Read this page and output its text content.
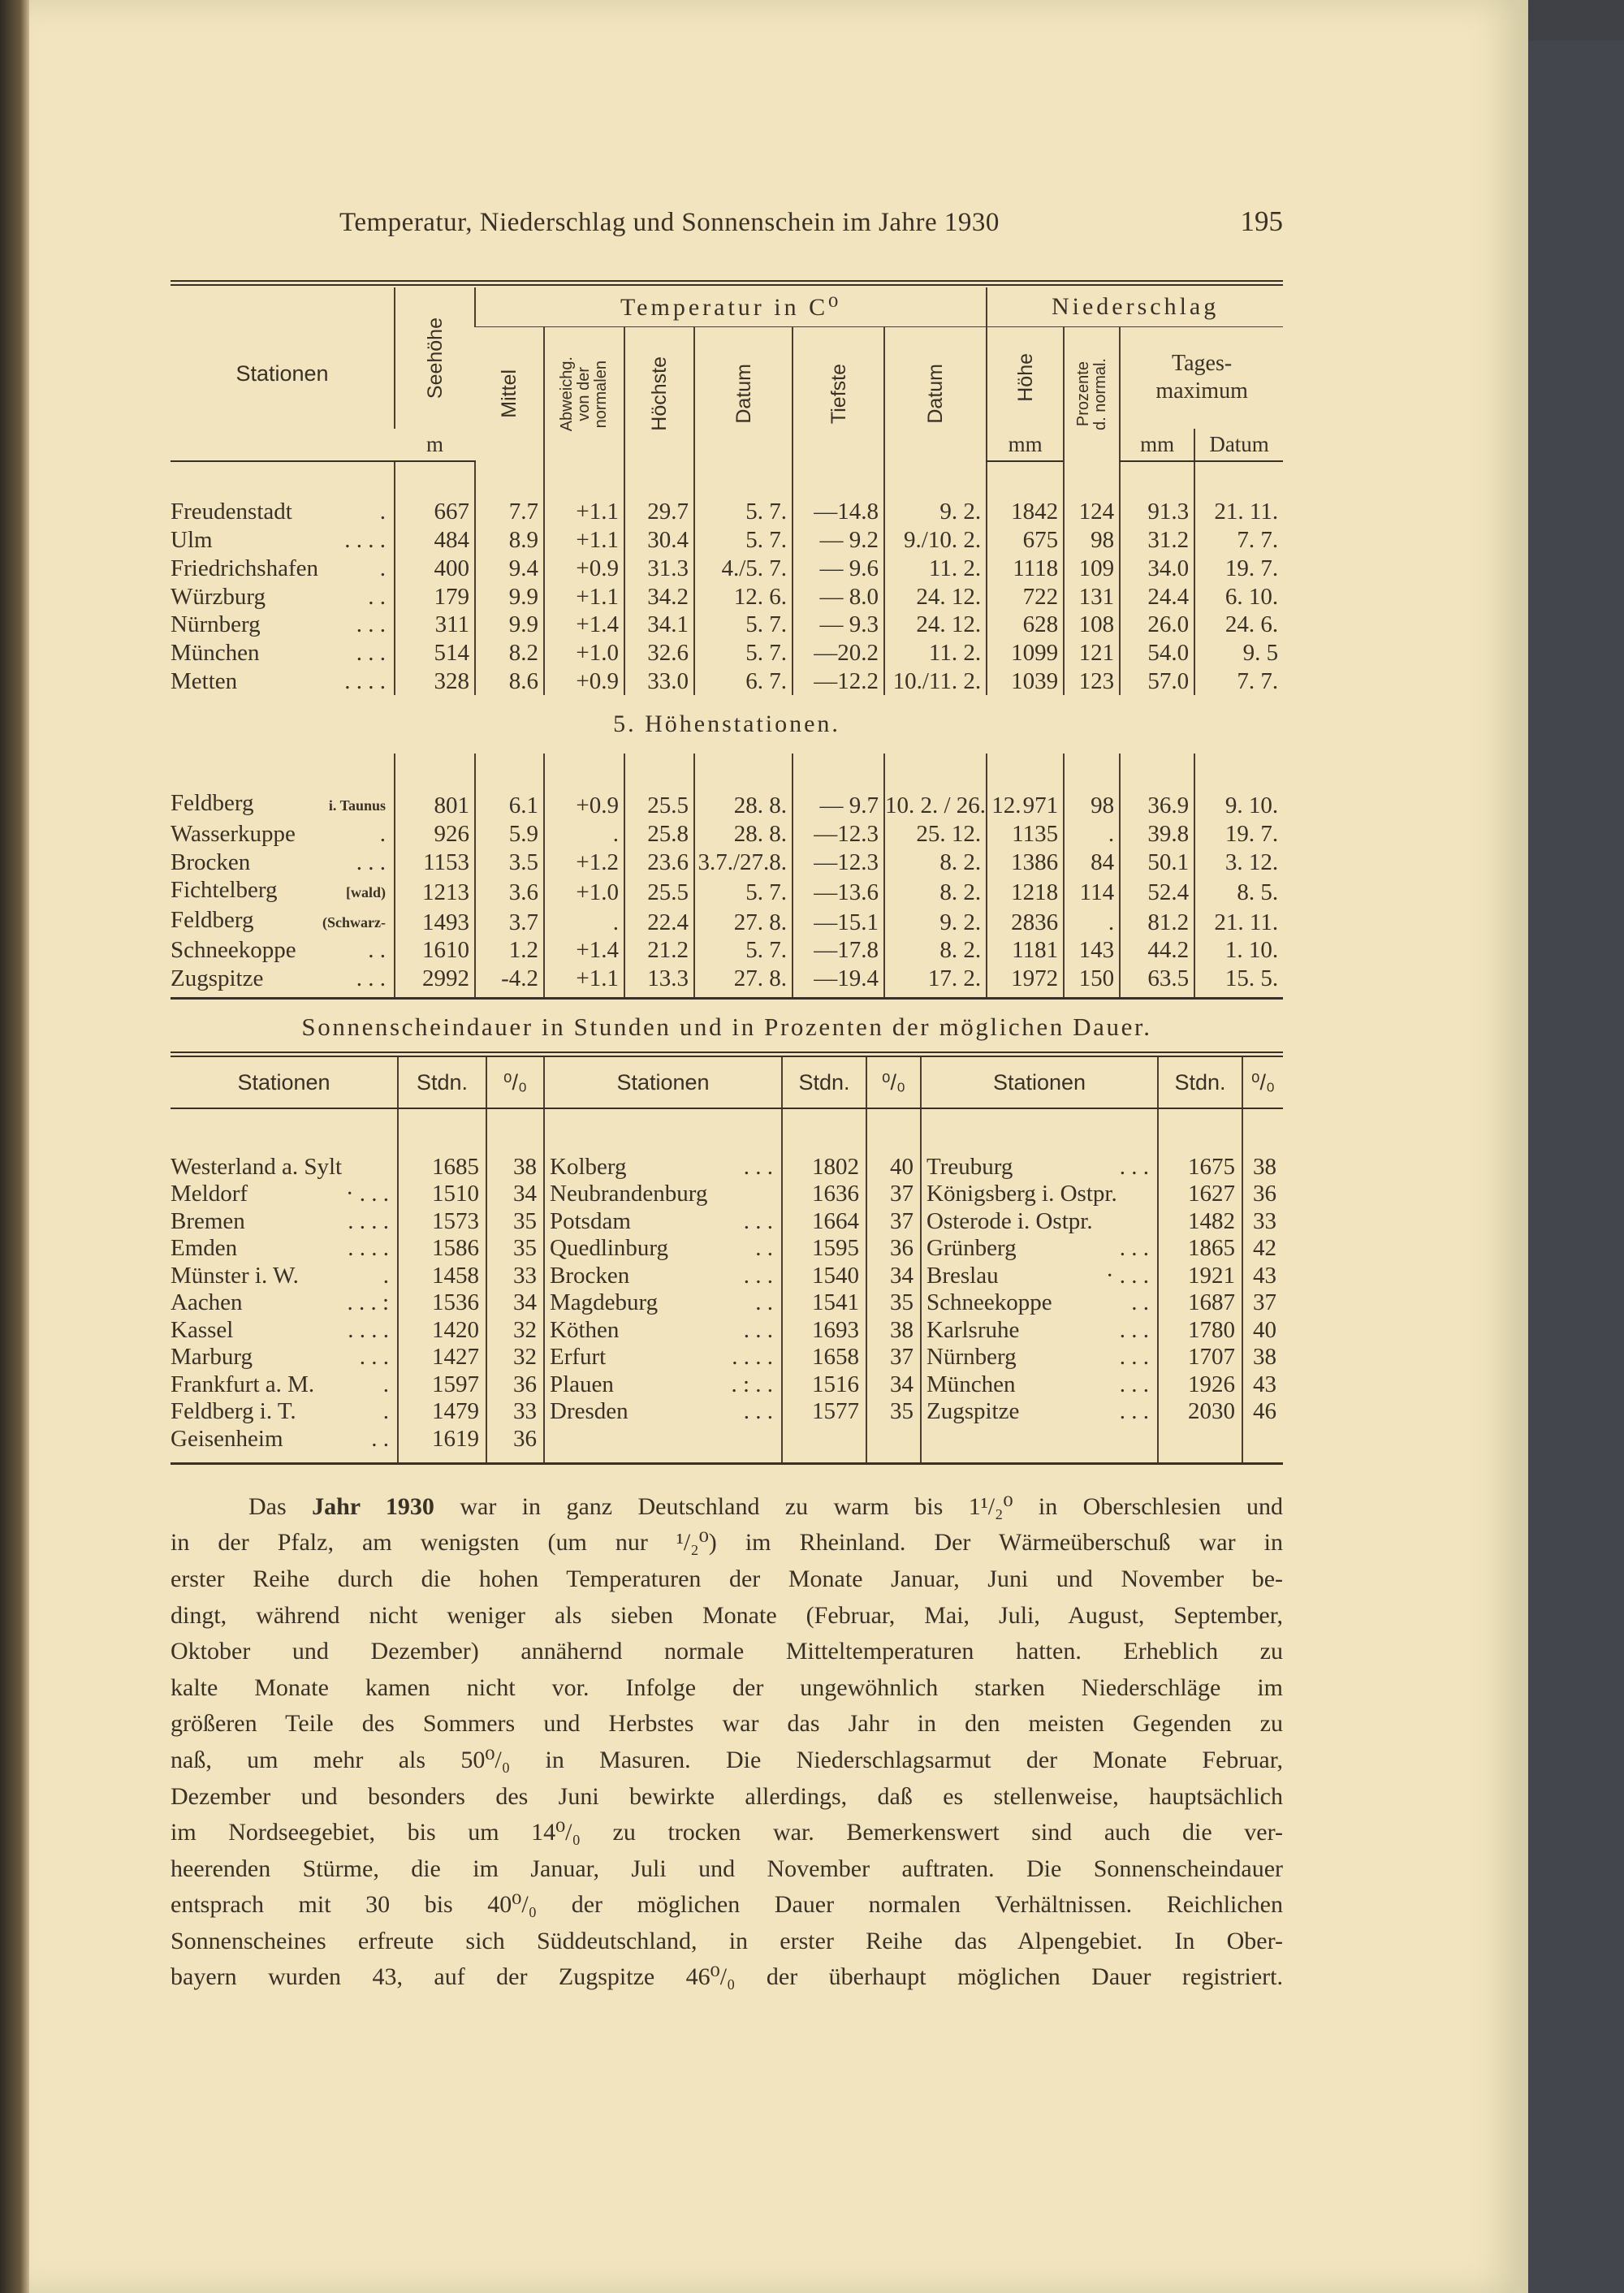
Temperatur, Niederschlag und Sonnenschein im Jahre 1930	195
Stationen	Seehöhe	Temperatur in C⁰						Niederschlag			
		Mittel	Abweichg.von dernormalen	Höchste	Datum	Tiefste	Datum	Höhe	Prozented. normal.	Tages-maximum	
	m							mm		mm	Datum

Freudenstadt .	667	7.7	+1.1	29.7	5. 7.	—14.8	9. 2.	1842	124	91.3	21. 11.

Ulm . . . .	484	8.9	+1.1	30.4	5. 7.	— 9.2	9./10. 2.	675	98	31.2	7. 7.

Friedrichshafen .	400	9.4	+0.9	31.3	4./5. 7.	— 9.6	11. 2.	1118	109	34.0	19. 7.

Würzburg . .	179	9.9	+1.1	34.2	12. 6.	— 8.0	24. 12.	722	131	24.4	6. 10.

Nürnberg . . .	311	9.9	+1.4	34.1	5. 7.	— 9.3	24. 12.	628	108	26.0	24. 6.

München . . .	514	8.2	+1.0	32.6	5. 7.	—20.2	11. 2.	1099	121	54.0	9. 5

Metten . . . .	328	8.6	+0.9	33.0	6. 7.	—12.2	10./11. 2.	1039	123	57.0	7. 7.
5. Höhenstationen.											

Feldberg i. Taunus	801	6.1	+0.9	25.5	28. 8.	— 9.7	10. 2. / 26. 12.	971	98	36.9	9. 10.

Wasserkuppe .	926	5.9	.	25.8	28. 8.	—12.3	25. 12.	1135	.	39.8	19. 7.

Brocken . . .	1153	3.5	+1.2	23.6	3.7./27.8.	—12.3	8. 2.	1386	84	50.1	3. 12.

Fichtelberg [wald)	1213	3.6	+1.0	25.5	5. 7.	—13.6	8. 2.	1218	114	52.4	8. 5.

Feldberg (Schwarz-	1493	3.7	.	22.4	27. 8.	—15.1	9. 2.	2836	.	81.2	21. 11.

Schneekoppe . .	1610	1.2	+1.4	21.2	5. 7.	—17.8	8. 2.	1181	143	44.2	1. 10.

Zugspitze . . .	2992	-4.2	+1.1	13.3	27. 8.	—19.4	17. 2.	1972	150	63.5	15. 5.
Sonnenscheindauer in Stunden und in Prozenten der möglichen Dauer.
Stationen	Stdn.	⁰/₀	Stationen	Stdn.	⁰/₀	Stationen	Stdn.	⁰/₀

Westerland a. Sylt	1685	38	Kolberg . . .	1802	40	Treuburg . . .	1675	38

Meldorf · . . .	1510	34	Neubrandenburg	1636	37	Königsberg i. Ostpr.	1627	36

Bremen . . . .	1573	35	Potsdam . . .	1664	37	Osterode i. Ostpr.	1482	33

Emden . . . .	1586	35	Quedlinburg . .	1595	36	Grünberg . . .	1865	42

Münster i. W. .	1458	33	Brocken . . .	1540	34	Breslau · . . .	1921	43

Aachen . . . :	1536	34	Magdeburg . .	1541	35	Schneekoppe . .	1687	37

Kassel . . . .	1420	32	Köthen . . .	1693	38	Karlsruhe . . .	1780	40

Marburg . . .	1427	32	Erfurt . . . .	1658	37	Nürnberg . . .	1707	38

Frankfurt a. M. .	1597	36	Plauen . : . .	1516	34	München . . .	1926	43

Feldberg i. T. .	1479	33	Dresden . . .	1577	35	Zugspitze . . .	2030	46

Geisenheim . .	1619	36	

Das Jahr 1930 war in ganz Deutschland zu warm bis 1¹/₂⁰ in Oberschlesien und
in der Pfalz, am wenigsten (um nur ¹/₂⁰) im Rheinland. Der Wärmeüberschuß war in
erster Reihe durch die hohen Temperaturen der Monate Januar, Juni und November be-
dingt, während nicht weniger als sieben Monate (Februar, Mai, Juli, August, September,
Oktober und Dezember) annähernd normale Mitteltemperaturen hatten. Erheblich zu
kalte Monate kamen nicht vor. Infolge der ungewöhnlich starken Niederschläge im
größeren Teile des Sommers und Herbstes war das Jahr in den meisten Gegenden zu
naß, um mehr als 50⁰/₀ in Masuren. Die Niederschlagsarmut der Monate Februar,
Dezember und besonders des Juni bewirkte allerdings, daß es stellenweise, hauptsächlich
im Nordseegebiet, bis um 14⁰/₀ zu trocken war. Bemerkenswert sind auch die ver-
heerenden Stürme, die im Januar, Juli und November auftraten. Die Sonnenscheindauer
entsprach mit 30 bis 40⁰/₀ der möglichen Dauer normalen Verhältnissen. Reichlichen
Sonnenscheines erfreute sich Süddeutschland, in erster Reihe das Alpengebiet. In Ober-
bayern wurden 43, auf der Zugspitze 46⁰/₀ der überhaupt möglichen Dauer registriert.
